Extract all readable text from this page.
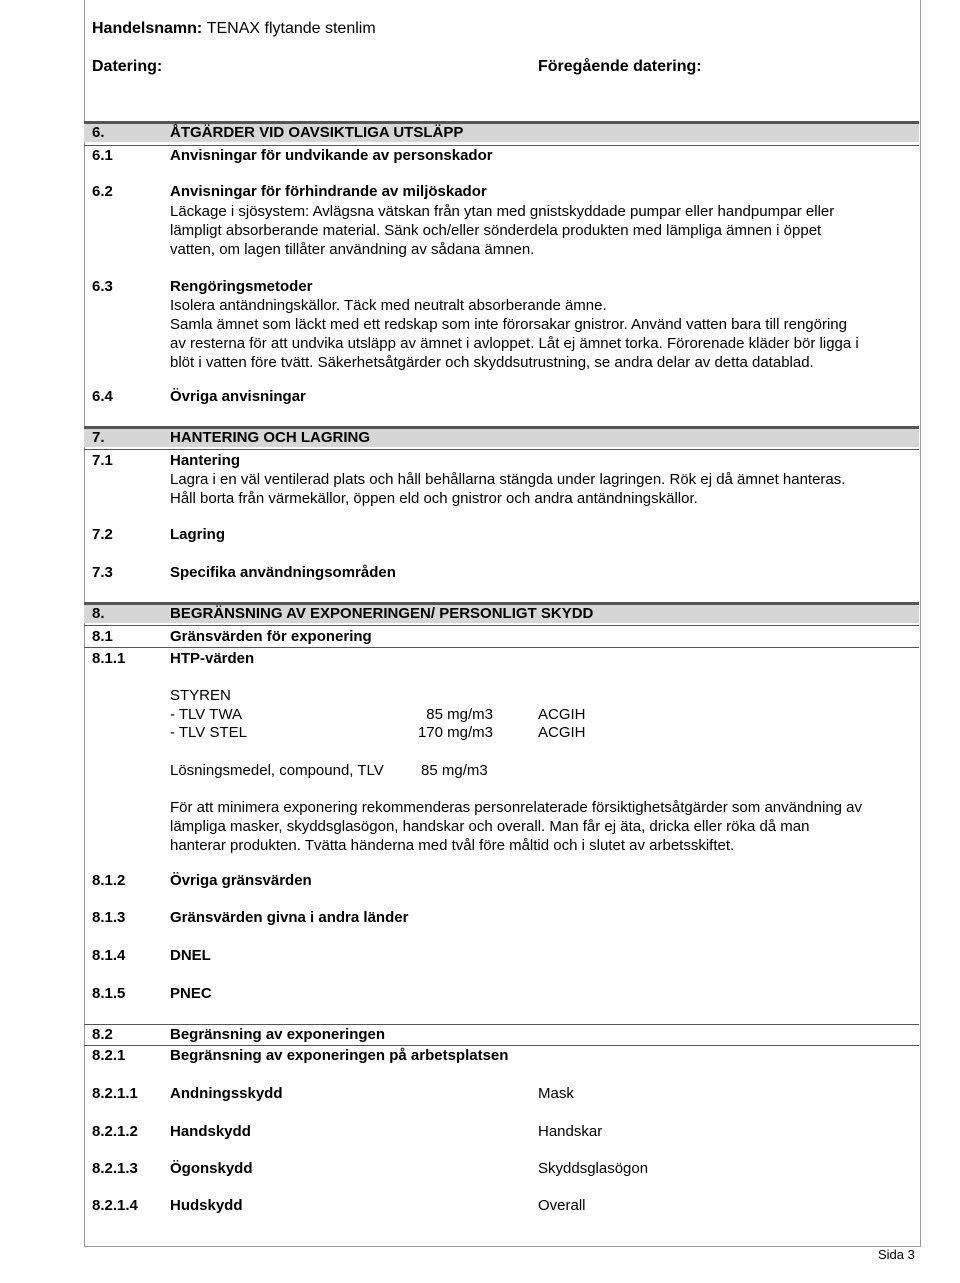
Handelsnamn: TENAX flytande stenlim
Datering:	Föregående datering:
6.	ÅTGÄRDER VID OAVSIKTLIGA UTSLÄPP
6.1	Anvisningar för undvikande av personskador
6.2	Anvisningar för förhindrande av miljöskador
Läckage i sjösystem: Avlägsna vätskan från ytan med gnistskyddade pumpar eller handpumpar eller
lämpligt absorberande material. Sänk och/eller sönderdela produkten med lämpliga ämnen i öppet
vatten, om lagen tillåter användning av sådana ämnen.
6.3	Rengöringsmetoder
Isolera antändningskällor. Täck med neutralt absorberande ämne.
Samla ämnet som läckt med ett redskap som inte förorsakar gnistror. Använd vatten bara till rengöring
av resterna för att undvika utsläpp av ämnet i avloppet. Låt ej ämnet torka. Förorenade kläder bör ligga i
blöt i vatten före tvätt. Säkerhetsåtgärder och skyddsutrustning, se andra delar av detta datablad.
6.4	Övriga anvisningar
7.	HANTERING OCH LAGRING
7.1	Hantering
Lagra i en väl ventilerad plats och håll behållarna stängda under lagringen. Rök ej då ämnet hanteras.
Håll borta från värmekällor, öppen eld och gnistror och andra antändningskällor.
7.2	Lagring
7.3	Specifika användningsområden
8.	BEGRÄNSNING AV EXPONERINGEN/ PERSONLIGT SKYDD
8.1	Gränsvärden för exponering
8.1.1	HTP-värden
STYREN
- TLV TWA	85 mg/m3	ACGIH
- TLV STEL	170 mg/m3	ACGIH
Lösningsmedel, compound, TLV 85 mg/m3
För att minimera exponering rekommenderas personrelaterade försiktighetsåtgärder som användning av
lämpliga masker, skyddsglasögon, handskar och overall. Man får ej äta, dricka eller röka då man
hanterar produkten. Tvätta händerna med tvål före måltid och i slutet av arbetsskiftet.
8.1.2	Övriga gränsvärden
8.1.3	Gränsvärden givna i andra länder
8.1.4	DNEL
8.1.5	PNEC
8.2	Begränsning av exponeringen
8.2.1	Begränsning av exponeringen på arbetsplatsen
8.2.1.1 Andningsskydd	Mask
8.2.1.2 Handskydd	Handskar
8.2.1.3 Ögonskydd	Skyddsglasögon
8.2.1.4 Hudskydd	Overall
Sida 3
